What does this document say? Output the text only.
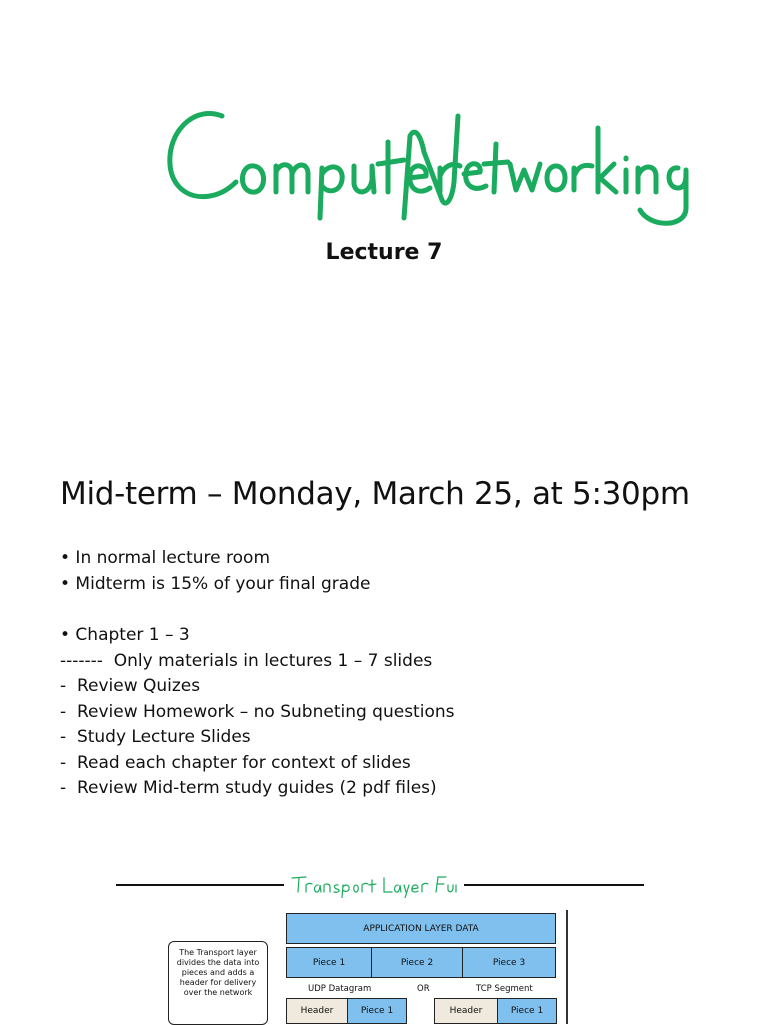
Computer Networking
Lecture 7
Mid-term – Monday, March 25, at 5:30pm
• In normal lecture room
• Midterm is 15% of your final grade
• Chapter 1 – 3
-------  Only materials in lectures 1 – 7 slides
-  Review Quizes
-  Review Homework – no Subneting questions
-  Study Lecture Slides
-  Read each chapter for context of slides
-  Review Mid-term study guides (2 pdf files)
Transport Layer Functions
APPLICATION LAYER DATA
Piece 1	Piece 2	Piece 3
The Transport layer divides the data into pieces and adds a header for delivery over the network	UDP Datagram	OR	TCP Segment
Header	Piece 1	Header	Piece 1
